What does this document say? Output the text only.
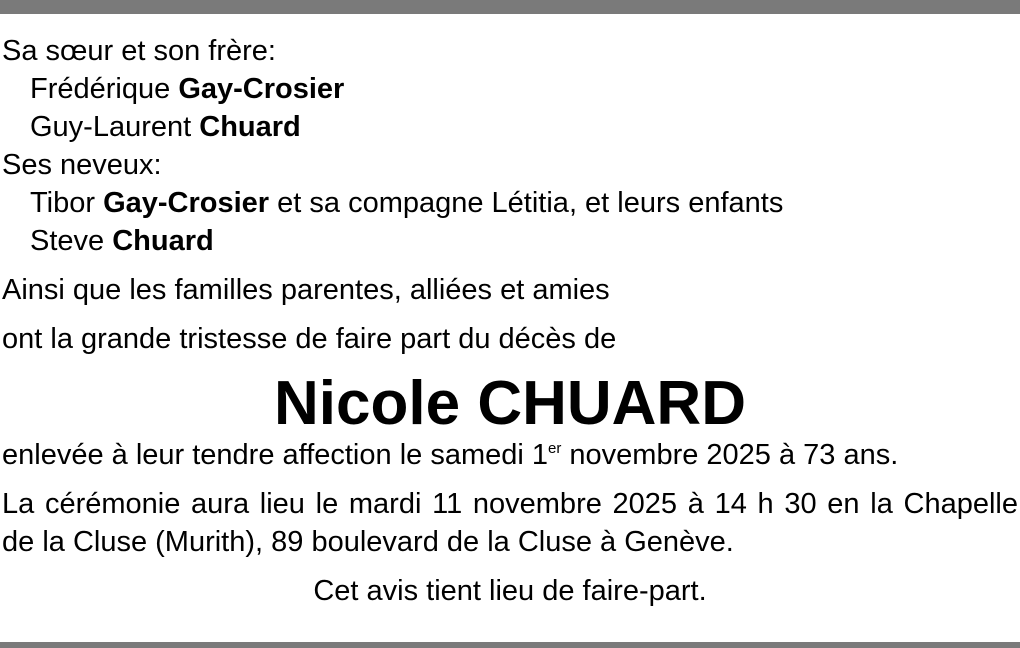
Sa sœur et son frère:
Frédérique Gay-Crosier
Guy-Laurent Chuard
Ses neveux:
Tibor Gay-Crosier et sa compagne Létitia, et leurs enfants
Steve Chuard
Ainsi que les familles parentes, alliées et amies
ont la grande tristesse de faire part du décès de
Nicole CHUARD
enlevée à leur tendre affection le samedi 1er novembre 2025 à 73 ans.
La cérémonie aura lieu le mardi 11 novembre 2025 à 14 h 30 en la Chapelle de la Cluse (Murith), 89 boulevard de la Cluse à Genève.
Cet avis tient lieu de faire-part.
